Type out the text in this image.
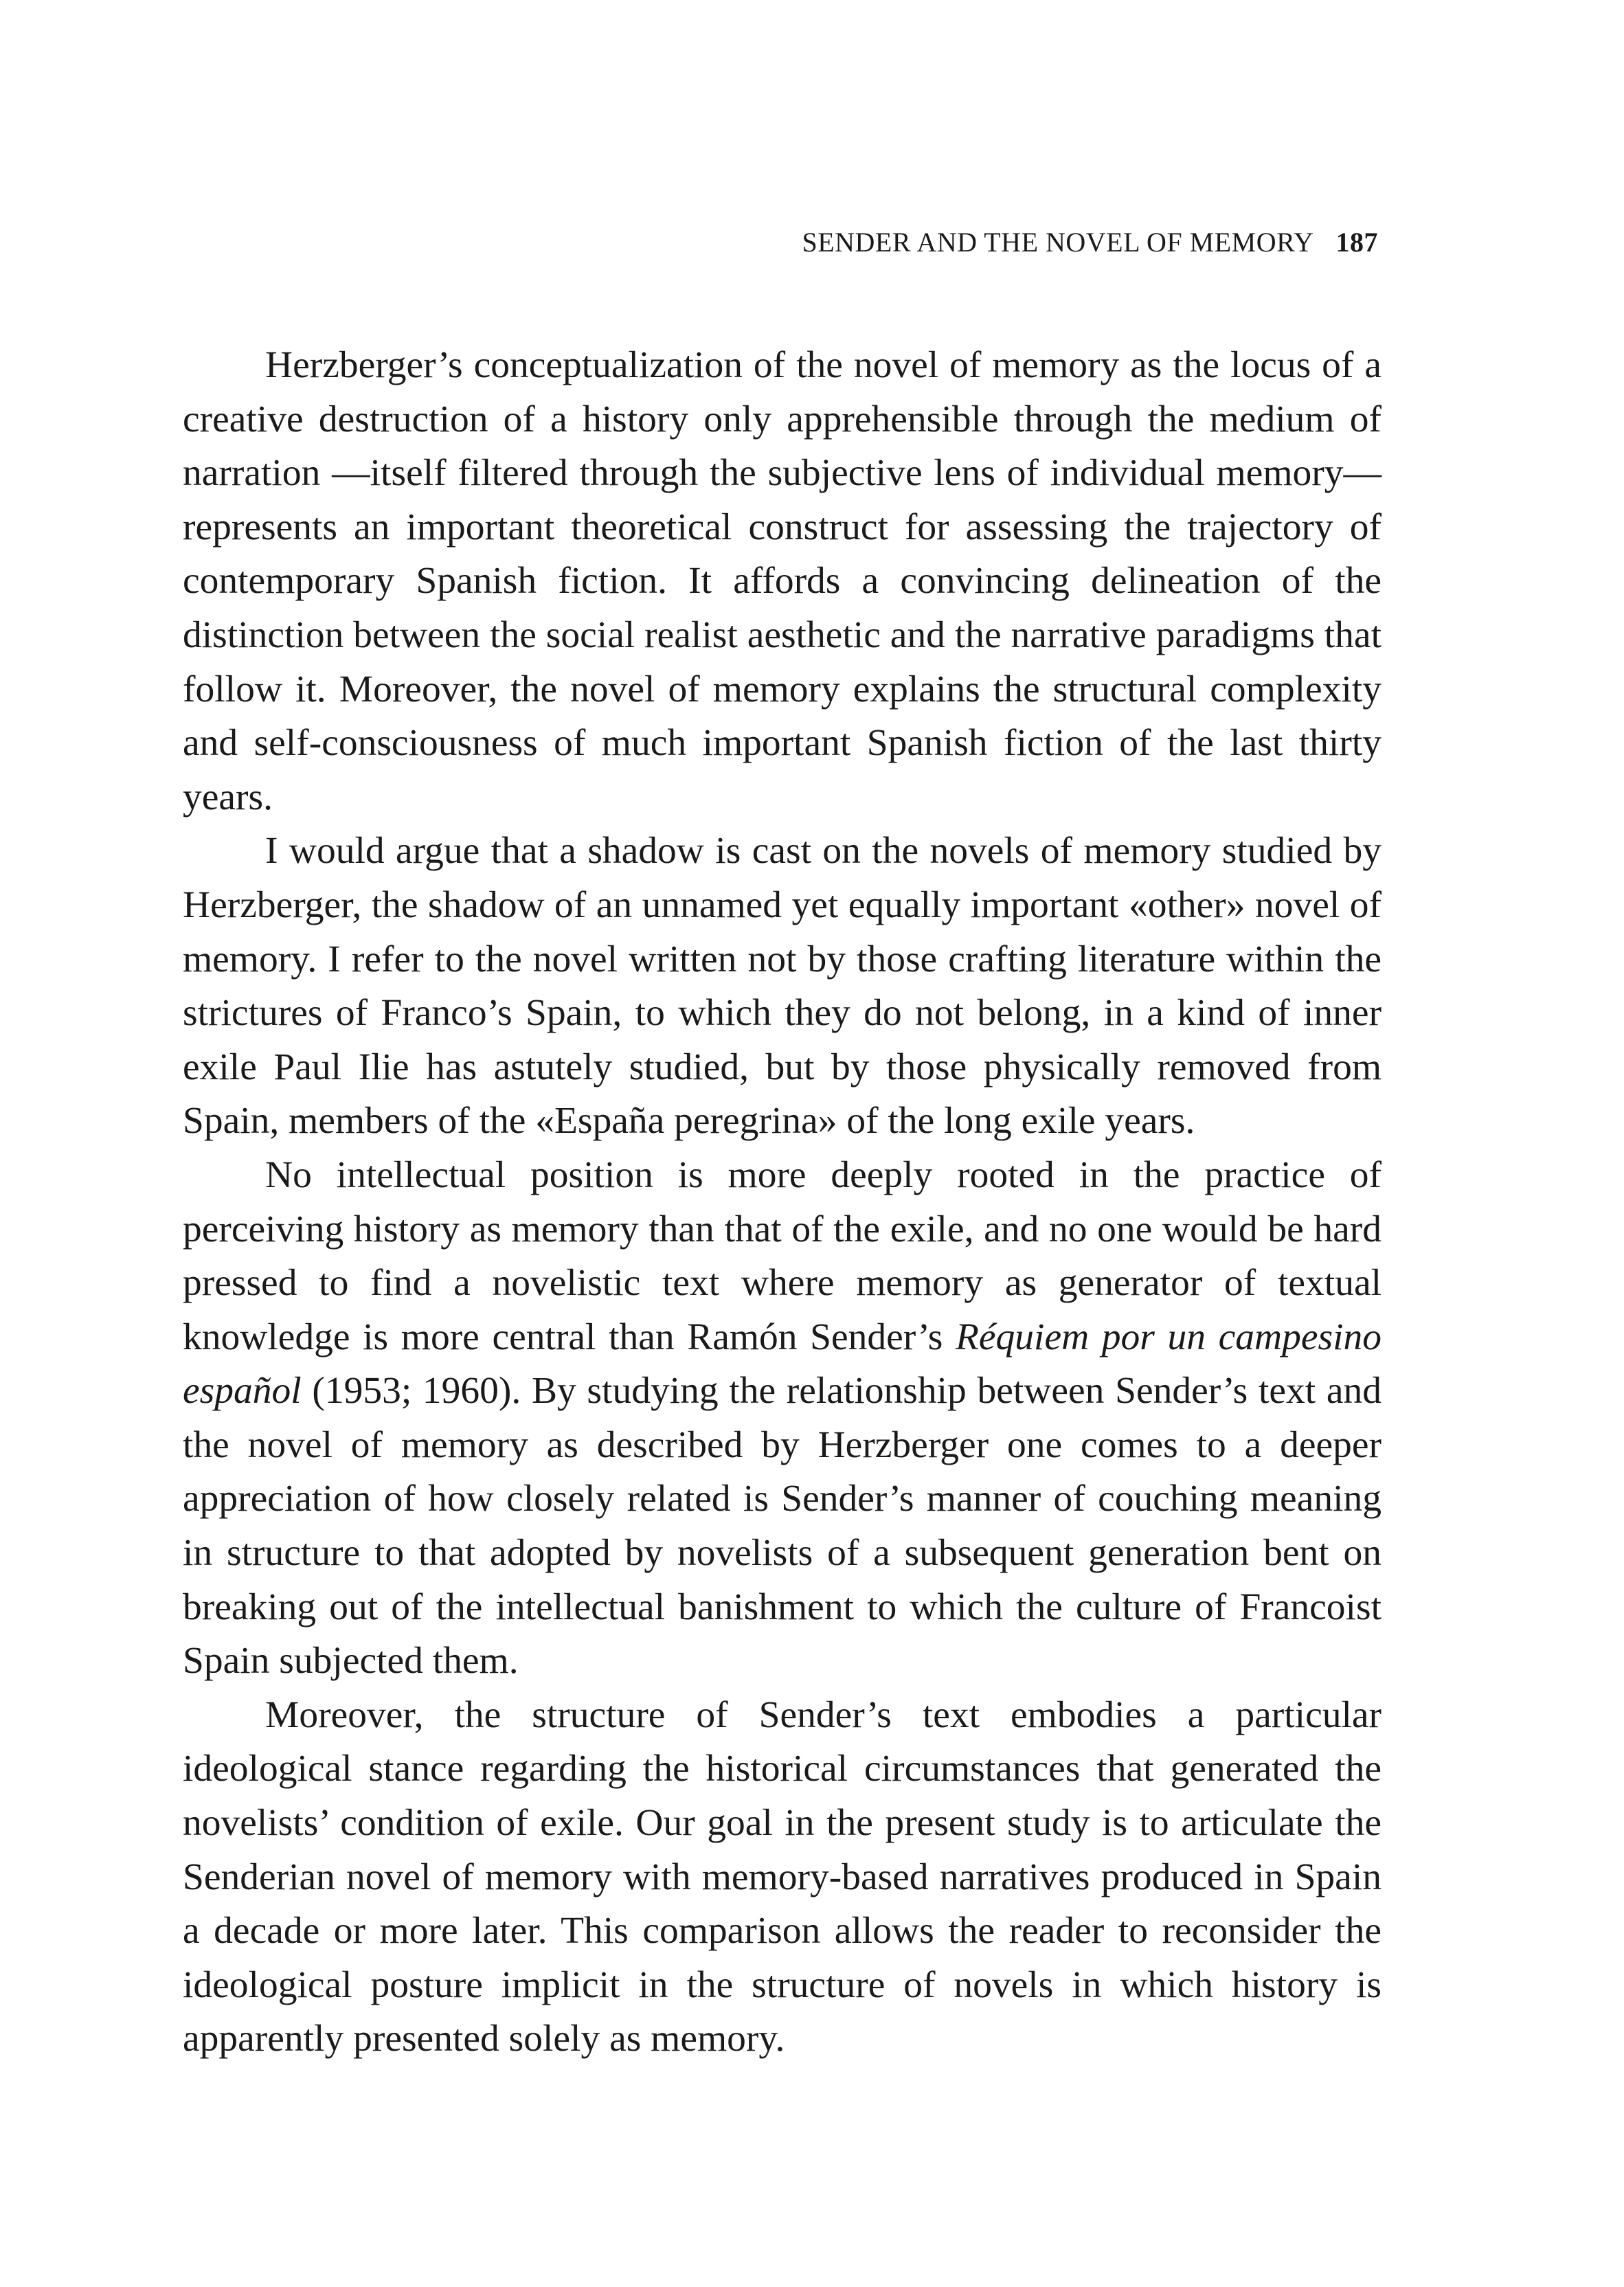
SENDER AND THE NOVEL OF MEMORY 187

Herzberger’s conceptualization of the novel of memory as the locus of a creative destruction of a history only apprehensible through the medium of narration —itself filtered through the subjective lens of individual memory— represents an important theoretical construct for assessing the trajectory of contemporary Spanish fiction. It affords a convincing delineation of the distinction between the social realist aesthetic and the narrative paradigms that follow it. Moreover, the novel of memory explains the structural complexity and self-consciousness of much important Spanish fiction of the last thirty years.

I would argue that a shadow is cast on the novels of memory studied by Herzberger, the shadow of an unnamed yet equally important «other» novel of memory. I refer to the novel written not by those crafting literature within the strictures of Franco’s Spain, to which they do not belong, in a kind of inner exile Paul Ilie has astutely studied, but by those physically removed from Spain, members of the «España peregrina» of the long exile years.

No intellectual position is more deeply rooted in the practice of perceiving history as memory than that of the exile, and no one would be hard pressed to find a novelistic text where memory as generator of textual knowledge is more central than Ramón Sender’s Réquiem por un campesino español (1953; 1960). By studying the relationship between Sender’s text and the novel of memory as described by Herzberger one comes to a deeper appreciation of how closely related is Sender’s manner of couching meaning in structure to that adopted by novelists of a subsequent generation bent on breaking out of the intellectual banishment to which the culture of Francoist Spain subjected them.

Moreover, the structure of Sender’s text embodies a particular ideological stance regarding the historical circumstances that generated the novelists’ condition of exile. Our goal in the present study is to articulate the Senderian novel of memory with memory-based narratives produced in Spain a decade or more later. This comparison allows the reader to reconsider the ideological posture implicit in the structure of novels in which history is apparently presented solely as memory.
